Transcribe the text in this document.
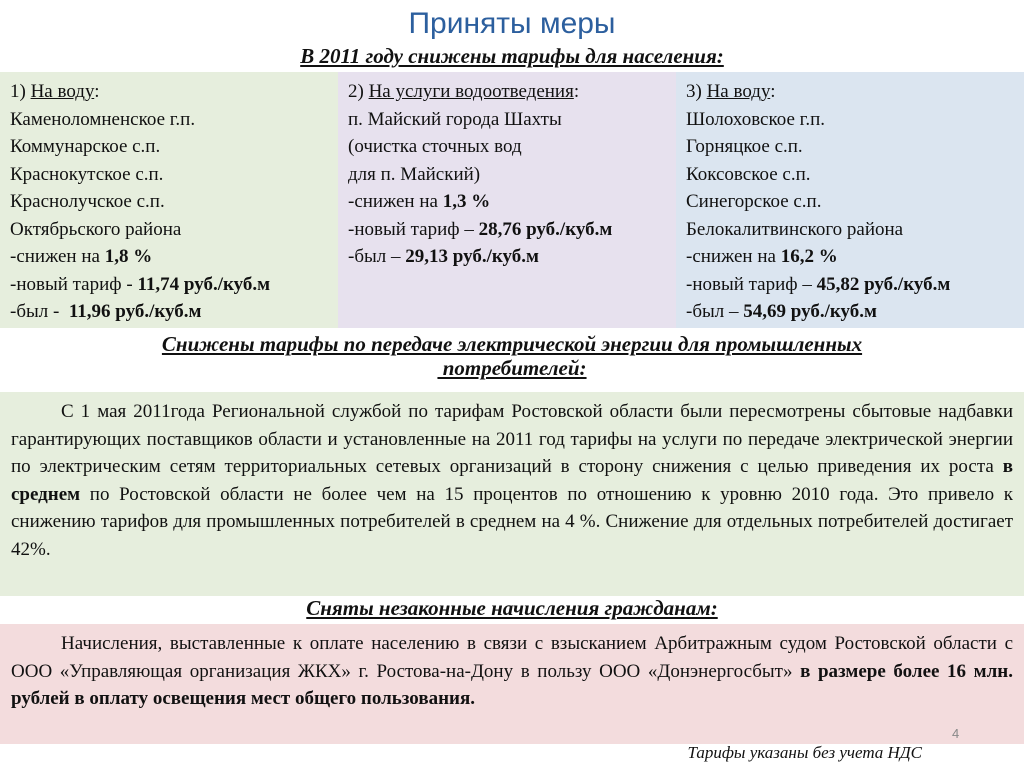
Приняты меры
В 2011 году снижены тарифы для населения:
1) На воду:
Каменоломненское г.п.
Коммунарское с.п.
Краснокутское с.п.
Краснолучское с.п.
Октябрьского района
-снижен на 1,8 %
-новый тариф - 11,74 руб./куб.м
-был -  11,96 руб./куб.м
2) На услуги водоотведения:
п. Майский города Шахты
(очистка сточных вод
для п. Майский)
-снижен на 1,3 %
-новый тариф – 28,76 руб./куб.м
-был – 29,13 руб./куб.м
3) На воду:
Шолоховское г.п.
Горняцкое с.п.
Коксовское с.п.
Синегорское с.п.
Белокалитвинского района
-снижен на 16,2 %
-новый тариф – 45,82 руб./куб.м
-был – 54,69 руб./куб.м
Снижены тарифы по передаче электрической энергии для промышленных
потребителей:
С 1 мая 2011года Региональной службой по тарифам Ростовской области были пересмотрены сбытовые надбавки гарантирующих поставщиков области и установленные на 2011 год тарифы на услуги по передаче электрической энергии по электрическим сетям территориальных сетевых организаций в сторону снижения с целью приведения их роста в среднем по Ростовской области не более чем на 15 процентов по отношению к уровню 2010 года. Это привело к снижению тарифов для промышленных потребителей в среднем на 4 %. Снижение для отдельных потребителей достигает 42%.
Сняты незаконные начисления гражданам:
Начисления, выставленные к оплате населению в связи с взысканием Арбитражным судом Ростовской области с ООО «Управляющая организация ЖКХ» г. Ростова-на-Дону в пользу ООО «Донэнергосбыт» в размере более 16 млн. рублей в оплату освещения мест общего пользования.
4
Тарифы указаны без учета НДС
